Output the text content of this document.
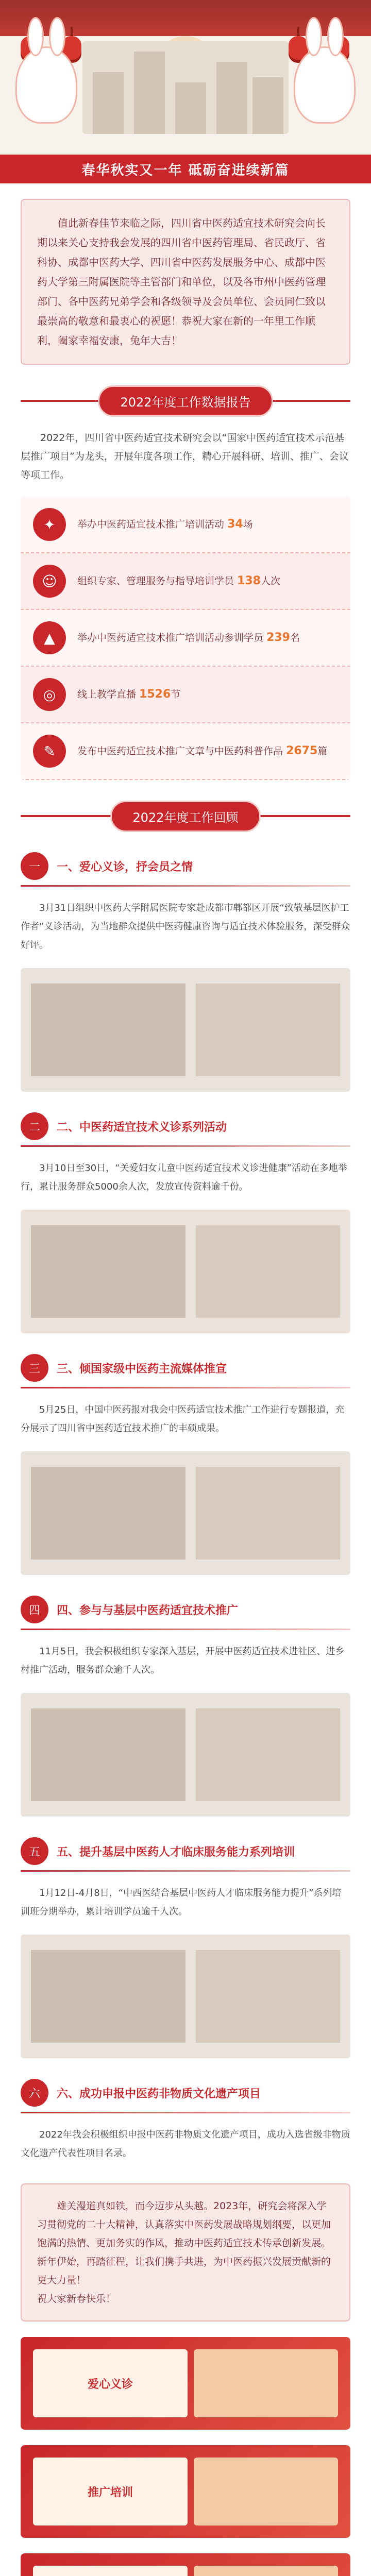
春华秋实又一年 砥砺奋进续新篇
值此新春佳节来临之际，四川省中医药适宜技术研究会向长期以来关心支持我会发展的四川省中医药管理局、省民政厅、省科协、成都中医药大学、四川省中医药发展服务中心、成都中医药大学第三附属医院等主管部门和单位，以及各市州中医药管理部门、各中医药兄弟学会和各级领导及会员单位、会员同仁致以最崇高的敬意和最衷心的祝愿！恭祝大家在新的一年里工作顺利，阖家幸福安康，兔年大吉！
2022年度工作数据报告

2022年，四川省中医药适宜技术研究会以“国家中医药适宜技术示范基层推广项目”为龙头，开展年度各项工作，精心开展科研、培训、推广、会议等项工作。

✦	举办中医药适宜技术推广培训活动 34场
☺	组织专家、管理服务与指导培训学员 138人次
▲	举办中医药适宜技术推广培训活动参训学员 239名
◎	线上教学直播 1526节
✎	发布中医药适宜技术推广文章与中医药科普作品 2675篇
2022年度工作回顾
一	一、爱心义诊，抒会员之情

3月31日组织中医药大学附属医院专家赴成都市郫都区开展“致敬基层医护工作者”义诊活动，为当地群众提供中医药健康咨询与适宜技术体验服务，深受群众好评。

二	二、中医药适宜技术义诊系列活动

3月10日至30日，“关爱妇女儿童中医药适宜技术义诊进健康”活动在多地举行，累计服务群众5000余人次，发放宣传资料逾千份。

三	三、倾国家级中医药主流媒体推宣

5月25日，中国中医药报对我会中医药适宜技术推广工作进行专题报道，充分展示了四川省中医药适宜技术推广的丰硕成果。

四	四、参与与基层中医药适宜技术推广

11月5日，我会积极组织专家深入基层，开展中医药适宜技术进社区、进乡村推广活动，服务群众逾千人次。

五	五、提升基层中医药人才临床服务能力系列培训

1月12日-4月8日，“中西医结合基层中医药人才临床服务能力提升”系列培训班分期举办，累计培训学员逾千人次。

六	六、成功申报中医药非物质文化遗产项目

2022年我会积极组织申报中医药非物质文化遗产项目，成功入选省级非物质文化遗产代表性项目名录。

雄关漫道真如铁，而今迈步从头越。2023年，研究会将深入学习贯彻党的二十大精神，认真落实中医药发展战略规划纲要，以更加饱满的热情、更加务实的作风，推动中医药适宜技术传承创新发展。新年伊始，再踏征程，让我们携手共进，为中医药振兴发展贡献新的更大力量！
祝大家新春快乐！
爱心义诊
推广培训
